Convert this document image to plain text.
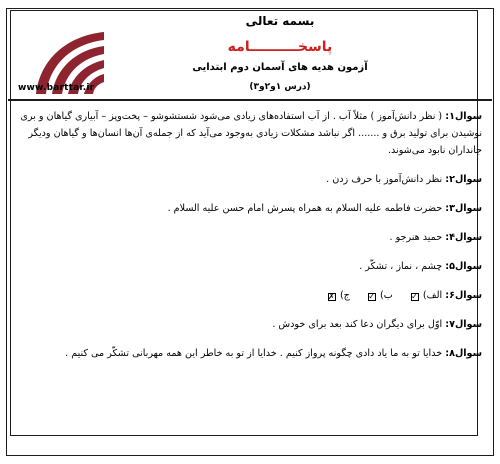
www.barttar.ir
بسمه تعالی
پاسخــــــــــامه
آزمون هدیه های آسمان دوم ابتدایی
(درس ۱و۲و۳)

سوال۱: ( نظر دانش‌آموز ) مثلاً آب . از آب استفاده‌های زیادی می‌شود شستشوشو – پخت‌وپز – آبیاری گیاهان و بری نوشیدن برای تولید برق و ....... اگر نباشد مشکلات زیادی به‌وجود می‌آید که از جمله‌ی آن‌ها انسان‌ها و گیاهان ودیگر جانداران نابود می‌شوند.

سوال۲: نظر دانش‌آموز با حرف زدن .

سوال۳: حضرت فاطمه علیه السلام به همراه پسرش امام حسن علیه السلام .

سوال۴: حمید هنرجو .

سوال۵: چشم ، نماز ، تشکّر .

سوال۶: الف) ✓ ب) ✓ ج) ✗

سوال۷: اوّل برای دیگران دعا کند بعد برای خودش .

سوال۸: خدایا تو به ما یاد دادی چگونه پرواز کنیم . خدایا از تو به خاطر این همه مهربانی تشکّر می کنیم .
